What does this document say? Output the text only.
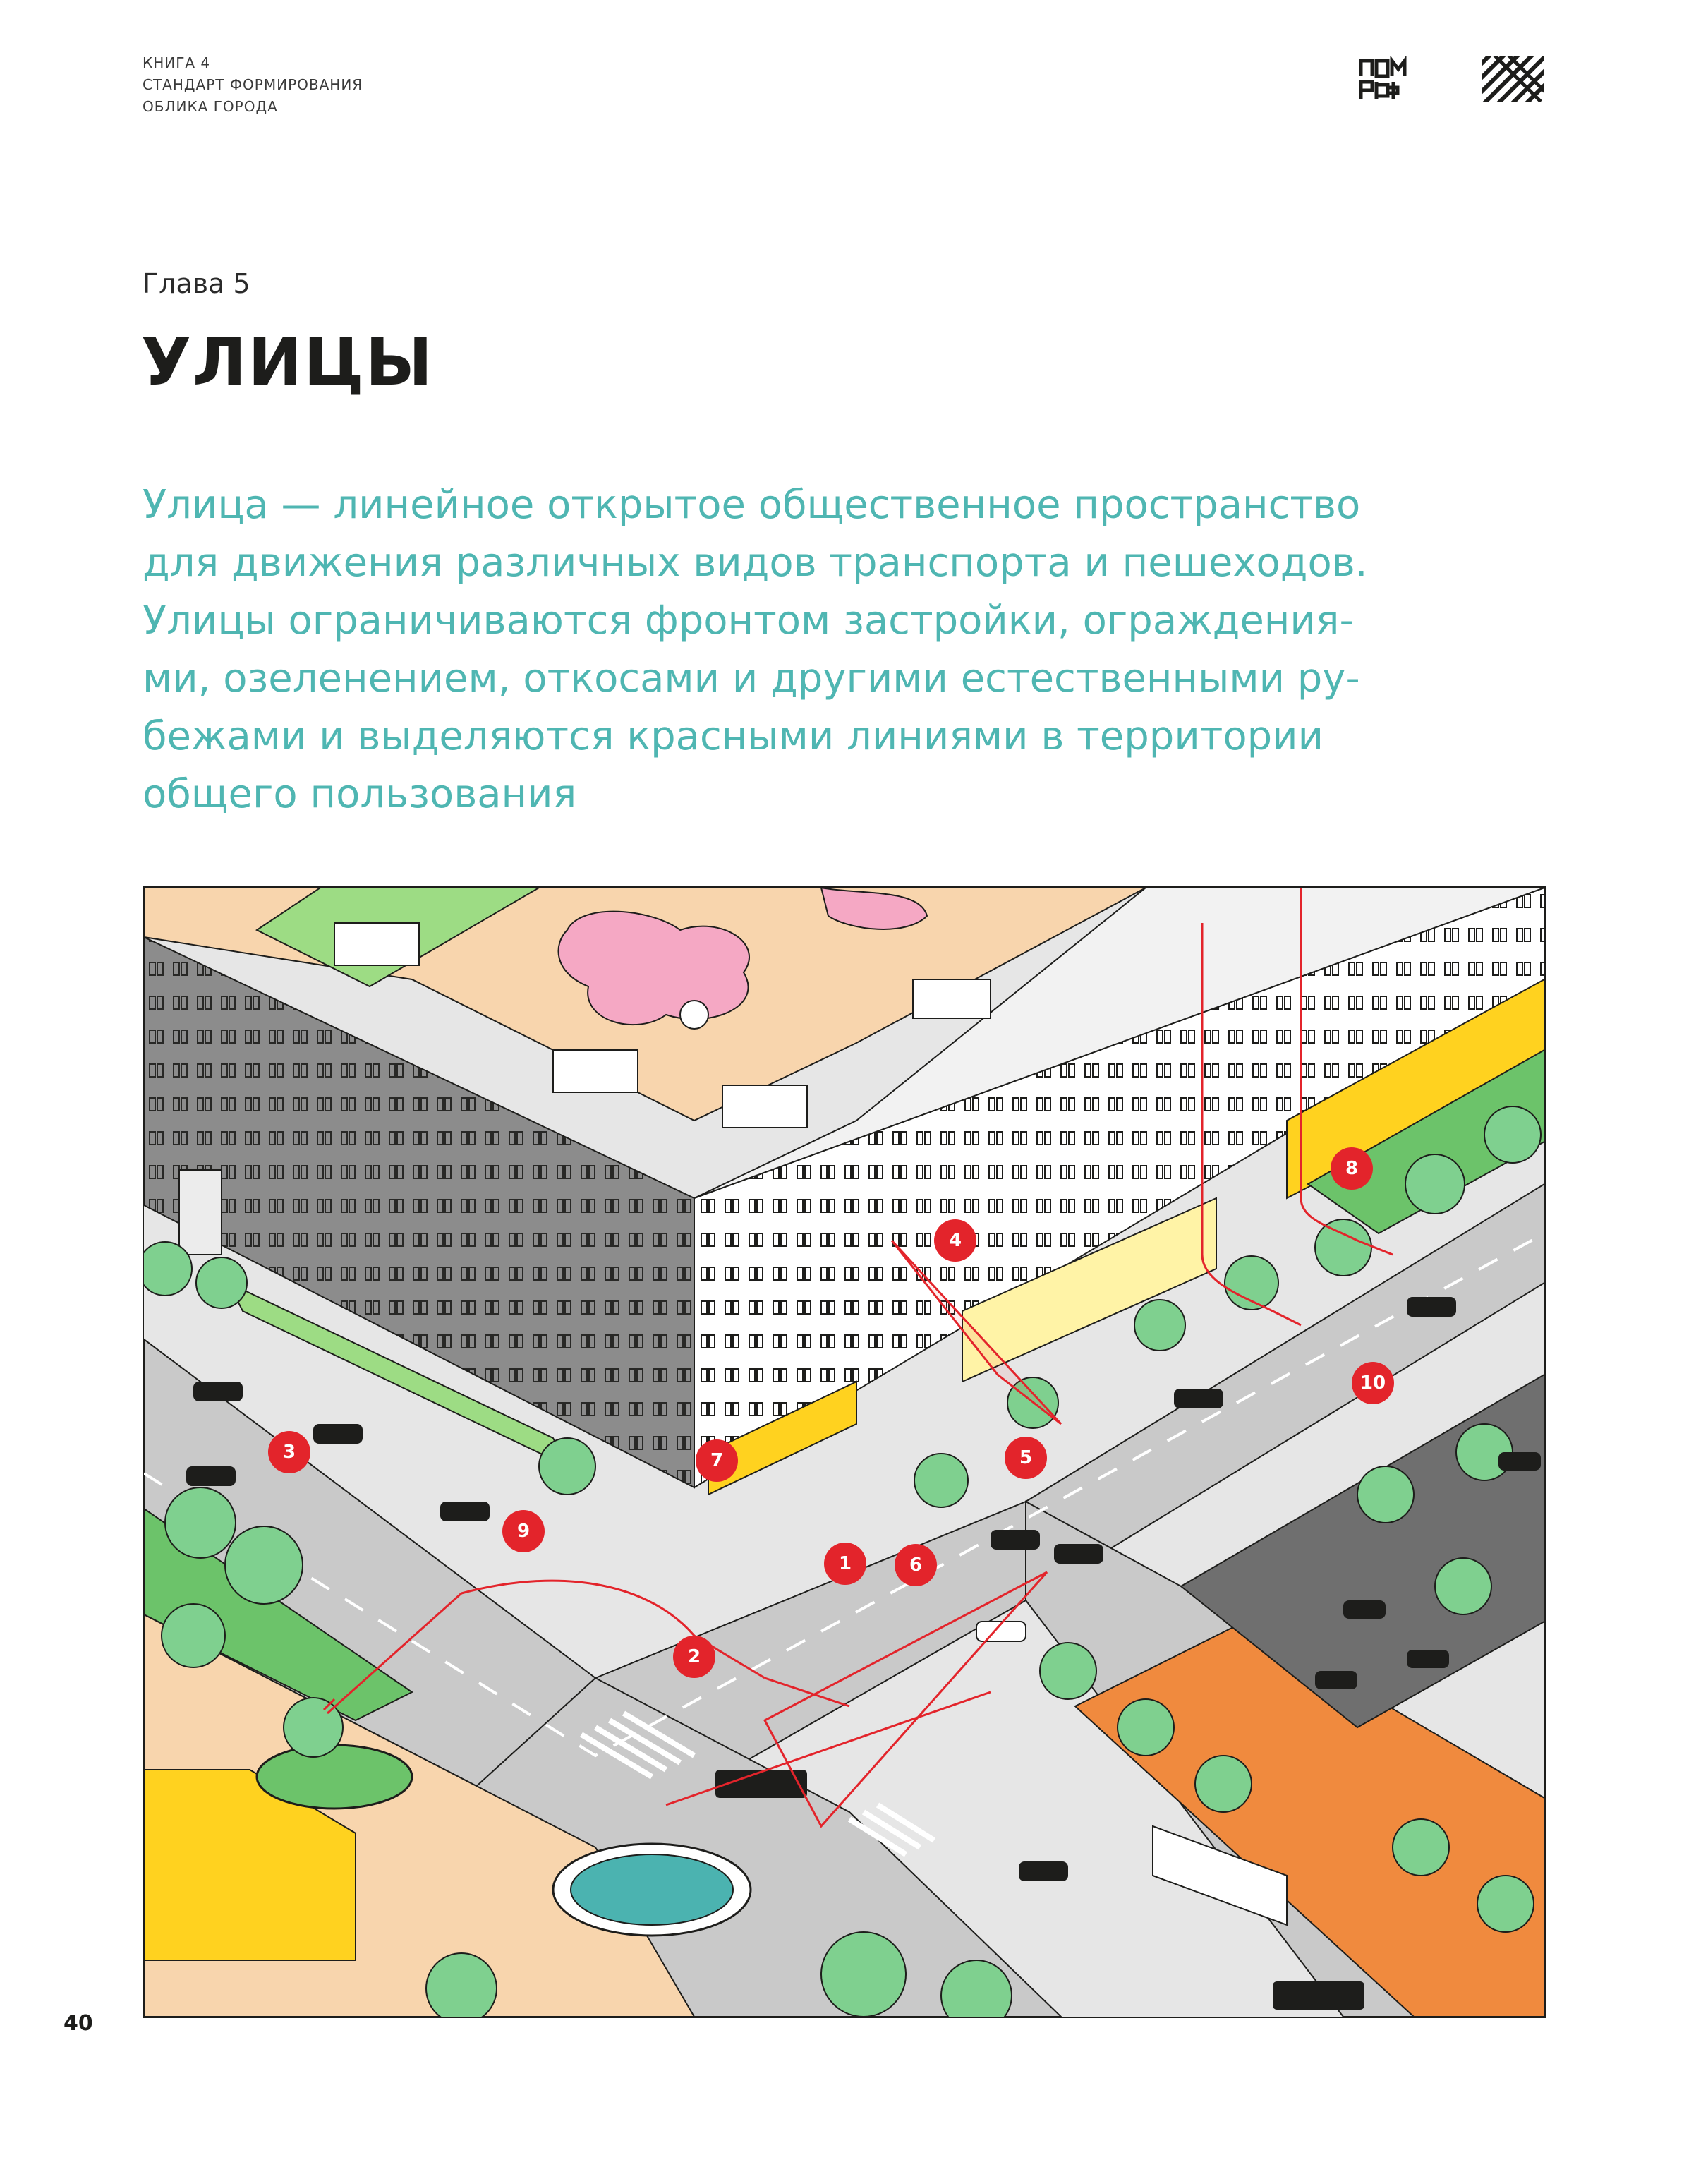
КНИГА 4
СТАНДАРТ ФОРМИРОВАНИЯ
ОБЛИКА ГОРОДА
Глава 5
УЛИЦЫ

Улица — линейное открытое общественное пространство
для движения различных видов транспорта и пешеходов.
Улицы ограничиваются фронтом застройки, ограждения-
ми, озеленением, откосами и другими естественными ру-
бежами и выделяются красными линиями в территории
общего пользования

1
2
3
4
5
6
7
8
9
10
40
